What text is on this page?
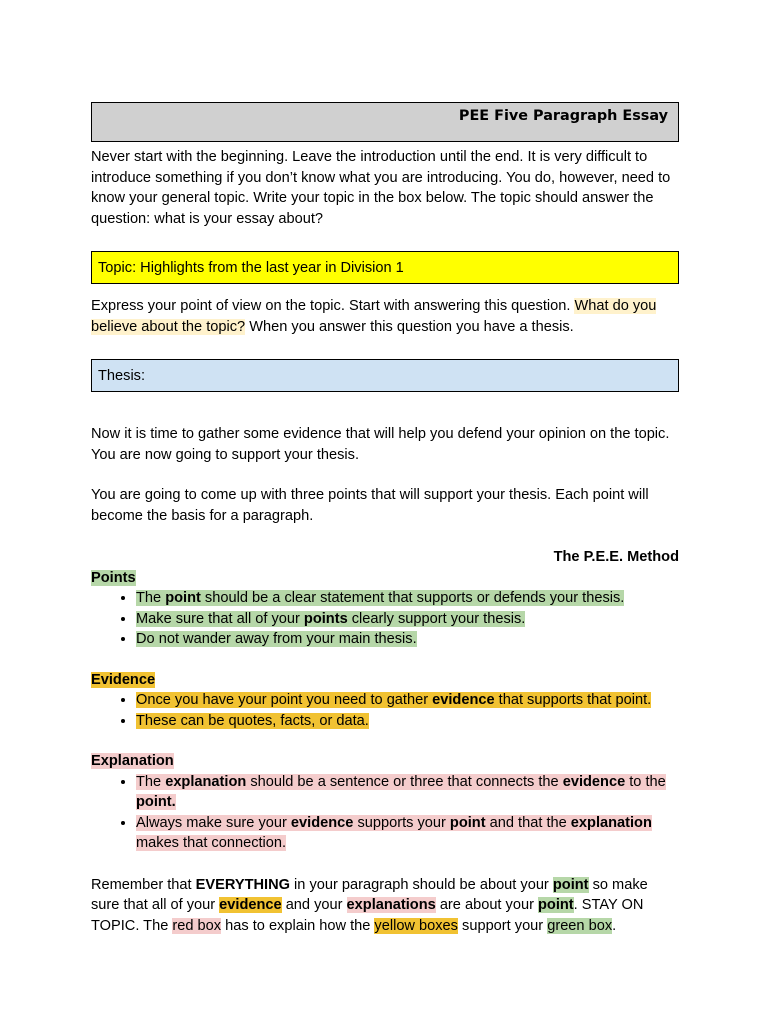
PEE Five Paragraph Essay

Never start with the beginning. Leave the introduction until the end. It is very difficult to introduce something if you don’t know what you are introducing. You do, however, need to know your general topic. Write your topic in the box below. The topic should answer the question: what is your essay about?

Topic: Highlights from the last year in Division 1

Express your point of view on the topic. Start with answering this question. What do you believe about the topic? When you answer this question you have a thesis.

Thesis:

Now it is time to gather some evidence that will help you defend your opinion on the topic. You are now going to support your thesis.

You are going to come up with three points that will support your thesis. Each point will become the basis for a paragraph.

The P.E.E. Method

Points

• The point should be a clear statement that supports or defends your thesis.
• Make sure that all of your points clearly support your thesis.
• Do not wander away from your main thesis.

Evidence

• Once you have your point you need to gather evidence that supports that point.
• These can be quotes, facts, or data.

Explanation

• The explanation should be a sentence or three that connects the evidence to the point.
• Always make sure your evidence supports your point and that the explanation makes that connection.

Remember that EVERYTHING in your paragraph should be about your point so make sure that all of your evidence and your explanations are about your point. STAY ON TOPIC. The red box has to explain how the yellow boxes support your green box.
